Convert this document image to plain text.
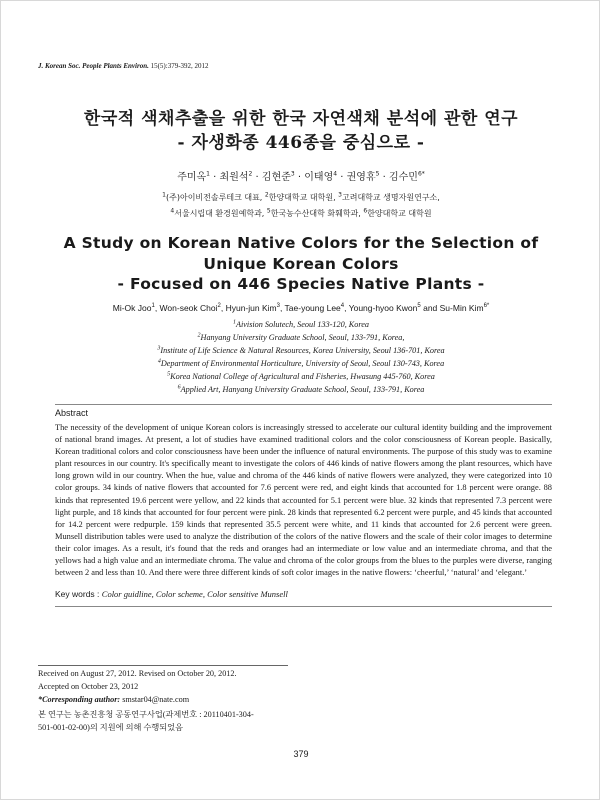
J. Korean Soc. People Plants Environ. 15(5):379-392, 2012
한국적 색채추출을 위한 한국 자연색채 분석에 관한 연구
- 자생화종 446종을 중심으로 -
주미옥$^1$ · 최원석$^2$ · 김현준$^3$ · 이태영$^4$ · 권영휴$^5$ · 김수민$^{6*}$
$^1$(주)아이비전솔루테크 대표, $^2$한양대학교 대학원, $^3$고려대학교 생명자원연구소,
$^4$서울시립대 환경원예학과, $^5$한국농수산대학 화훼학과, $^6$한양대학교 대학원
A Study on Korean Native Colors for the Selection of
Unique Korean Colors
- Focused on 446 Species Native Plants -
Mi-Ok Joo$^1$, Won-seok Choi$^2$, Hyun-jun Kim$^3$, Tae-young Lee$^4$, Young-hyoo Kwon$^5$ and Su-Min Kim$^{6*}$
$^1$Aivision Solutech, Seoul 133-120, Korea
$^2$Hanyang University Graduate School, Seoul, 133-791, Korea,
$^3$Institute of Life Science & Natural Resources, Korea University, Seoul 136-701, Korea
$^4$Department of Environmental Horticulture, University of Seoul, Seoul 130-743, Korea
$^5$Korea National College of Agricultural and Fisheries, Hwasung 445-760, Korea
$^6$Applied Art, Hanyang University Graduate School, Seoul, 133-791, Korea
Abstract
The necessity of the development of unique Korean colors is increasingly stressed to accelerate our cultural identity building and the improvement of national brand images. At present, a lot of studies have examined traditional colors and the color consciousness of Korean people. Basically, Korean traditional colors and color consciousness have been under the influence of natural environments. The purpose of this study was to examine plant resources in our country. It's specifically meant to investigate the colors of 446 kinds of native flowers among the plant resources, which have long grown wild in our country. When the hue, value and chroma of the 446 kinds of native flowers were analyzed, they were categorized into 10 color groups. 34 kinds of native flowers that accounted for 7.6 percent were red, and eight kinds that accounted for 1.8 percent were orange. 88 kinds that represented 19.6 percent were yellow, and 22 kinds that accounted for 5.1 percent were blue. 32 kinds that represented 7.3 percent were light purple, and 18 kinds that accounted for four percent were pink. 28 kinds that represented 6.2 percent were purple, and 45 kinds that accounted for 14.2 percent were redpurple. 159 kinds that represented 35.5 percent were white, and 11 kinds that accounted for 2.6 percent were green. Munsell distribution tables were used to analyze the distribution of the colors of the native flowers and the scale of their color images to determine their color images. As a result, it's found that the reds and oranges had an intermediate or low value and an intermediate chroma, and that the yellows had a high value and an intermediate chroma. The value and chroma of the color groups from the blues to the purples were diverse, ranging between 2 and less than 10. And there were three different kinds of soft color images in the native flowers: ‘cheerful,’ ‘natural’ and ‘elegant.’
Key words : Color guidline, Color scheme, Color sensitive Munsell
Received on August 27, 2012. Revised on October 20, 2012.
Accepted on October 23, 2012
*Corresponding author: smstar04@nate.com
본 연구는 농촌진흥청 공동연구사업(과제번호 : 20110401-304-
501-001-02-00)의 지원에 의해 수행되었음
379
